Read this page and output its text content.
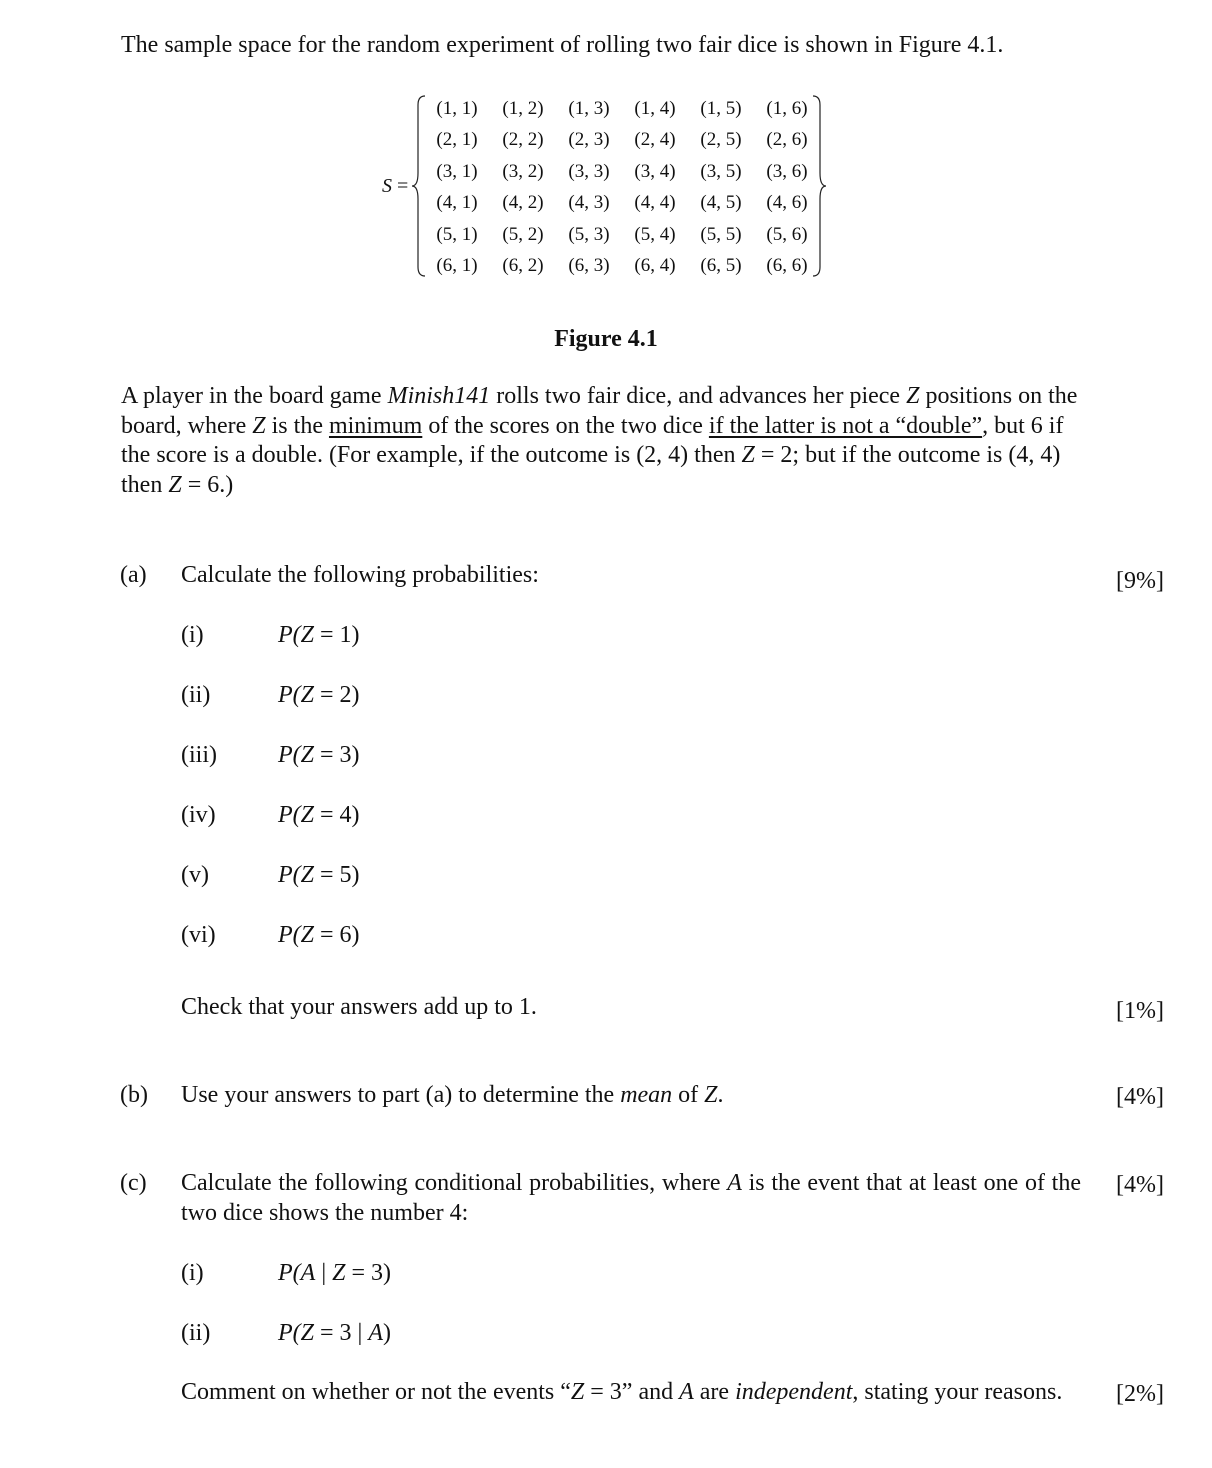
The sample space for the random experiment of rolling two fair dice is shown in Figure 4.1.
S =
(1, 1)	(1, 2)	(1, 3)	(1, 4)	(1, 5)	(1, 6)
(2, 1)	(2, 2)	(2, 3)	(2, 4)	(2, 5)	(2, 6)
(3, 1)	(3, 2)	(3, 3)	(3, 4)	(3, 5)	(3, 6)
(4, 1)	(4, 2)	(4, 3)	(4, 4)	(4, 5)	(4, 6)
(5, 1)	(5, 2)	(5, 3)	(5, 4)	(5, 5)	(5, 6)
(6, 1)	(6, 2)	(6, 3)	(6, 4)	(6, 5)	(6, 6)
Figure 4.1

A player in the board game Minish141 rolls two fair dice, and advances her piece Z positions on the board, where Z is the minimum of the scores on the two dice if the latter is not a “double”, but 6 if the score is a double. (For example, if the outcome is (2, 4) then Z = 2; but if the outcome is (4, 4) then Z = 6.)

(a) Calculate the following probabilities:	[9%]
(i)	P(Z = 1)
(ii)	P(Z = 2)
(iii)	P(Z = 3)
(iv)	P(Z = 4)
(v)	P(Z = 5)
(vi)	P(Z = 6)
Check that your answers add up to 1.	[1%]
(b) Use your answers to part (a) to determine the mean of Z.	[4%]
(c) Calculate the following conditional probabilities, where A is the event that at least one of the two dice shows the number 4:
[4%]
(i)	P(A | Z = 3)
(ii)	P(Z = 3 | A)
Comment on whether or not the events “Z = 3” and A are independent, stating your reasons.	[2%]
